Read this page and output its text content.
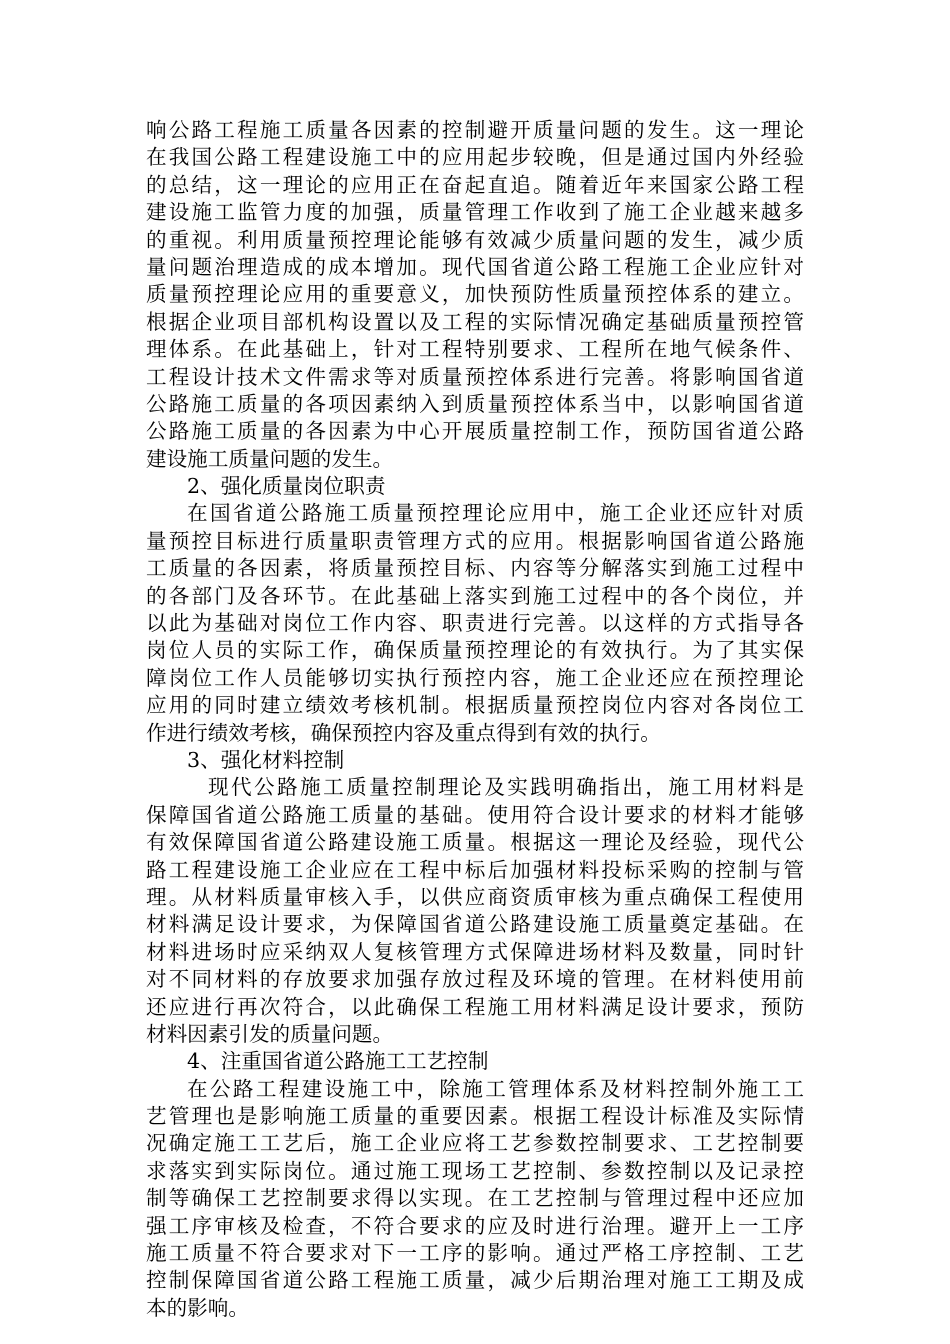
响公路工程施工质量各因素的控制避开质量问题的发生。这一理论
在我国公路工程建设施工中的应用起步较晚，但是通过国内外经验
的总结，这一理论的应用正在奋起直追。随着近年来国家公路工程
建设施工监管力度的加强，质量管理工作收到了施工企业越来越多
的重视。利用质量预控理论能够有效减少质量问题的发生，减少质
量问题治理造成的成本增加。现代国省道公路工程施工企业应针对
质量预控理论应用的重要意义，加快预防性质量预控体系的建立。
根据企业项目部机构设置以及工程的实际情况确定基础质量预控管
理体系。在此基础上，针对工程特别要求、工程所在地气候条件、
工程设计技术文件需求等对质量预控体系进行完善。将影响国省道
公路施工质量的各项因素纳入到质量预控体系当中，以影响国省道
公路施工质量的各因素为中心开展质量控制工作，预防国省道公路
建设施工质量问题的发生。
2、强化质量岗位职责
在国省道公路施工质量预控理论应用中，施工企业还应针对质
量预控目标进行质量职责管理方式的应用。根据影响国省道公路施
工质量的各因素，将质量预控目标、内容等分解落实到施工过程中
的各部门及各环节。在此基础上落实到施工过程中的各个岗位，并
以此为基础对岗位工作内容、职责进行完善。以这样的方式指导各
岗位人员的实际工作，确保质量预控理论的有效执行。为了其实保
障岗位工作人员能够切实执行预控内容，施工企业还应在预控理论
应用的同时建立绩效考核机制。根据质量预控岗位内容对各岗位工
作进行绩效考核，确保预控内容及重点得到有效的执行。
3、强化材料控制
现代公路施工质量控制理论及实践明确指出，施工用材料是
保障国省道公路施工质量的基础。使用符合设计要求的材料才能够
有效保障国省道公路建设施工质量。根据这一理论及经验，现代公
路工程建设施工企业应在工程中标后加强材料投标采购的控制与管
理。从材料质量审核入手，以供应商资质审核为重点确保工程使用
材料满足设计要求，为保障国省道公路建设施工质量奠定基础。在
材料进场时应采纳双人复核管理方式保障进场材料及数量，同时针
对不同材料的存放要求加强存放过程及环境的管理。在材料使用前
还应进行再次符合，以此确保工程施工用材料满足设计要求，预防
材料因素引发的质量问题。
4、注重国省道公路施工工艺控制
在公路工程建设施工中，除施工管理体系及材料控制外施工工
艺管理也是影响施工质量的重要因素。根据工程设计标准及实际情
况确定施工工艺后，施工企业应将工艺参数控制要求、工艺控制要
求落实到实际岗位。通过施工现场工艺控制、参数控制以及记录控
制等确保工艺控制要求得以实现。在工艺控制与管理过程中还应加
强工序审核及检查，不符合要求的应及时进行治理。避开上一工序
施工质量不符合要求对下一工序的影响。通过严格工序控制、工艺
控制保障国省道公路工程施工质量，减少后期治理对施工工期及成
本的影响。
